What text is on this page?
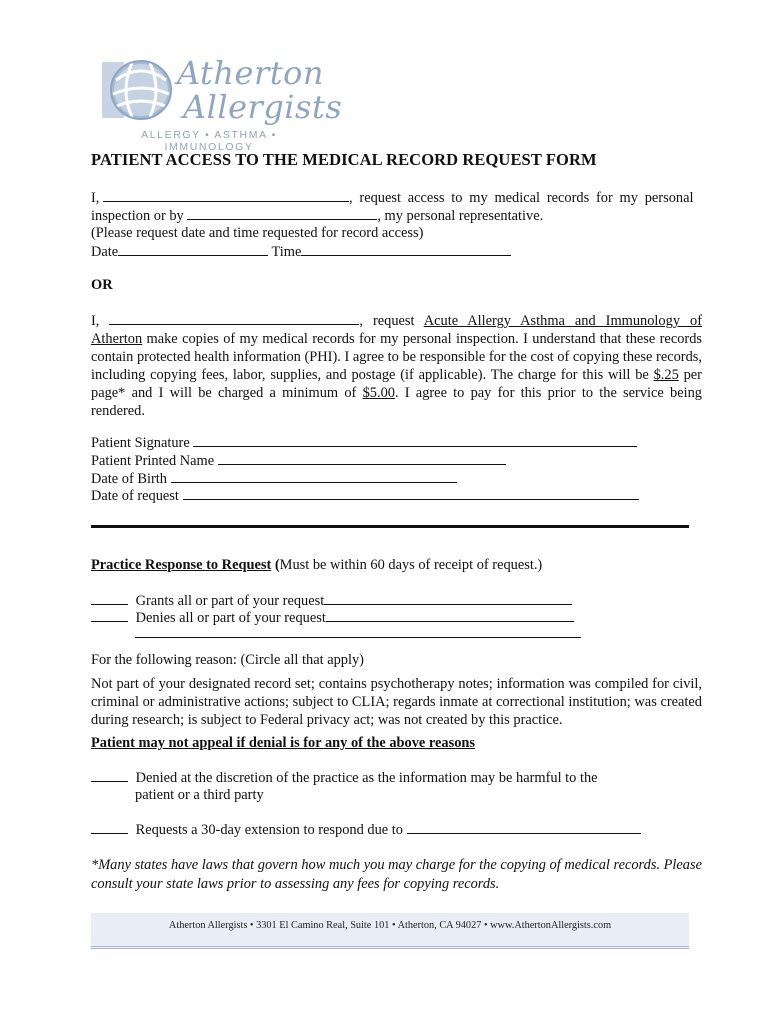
Atherton
Allergists
ALLERGY • ASTHMA • IMMUNOLOGY
PATIENT ACCESS TO THE MEDICAL RECORD REQUEST FORM
I,	, request access to my medical records for my personal
inspection or by	, my personal representative.
(Please request date and time requested for record access)
Date	Time
OR
I,	, request Acute Allergy Asthma and Immunology of Atherton make copies of my medical records for my personal inspection. I understand that these records contain protected health information (PHI). I agree to be responsible for the cost of copying these records, including copying fees, labor, supplies, and postage (if applicable). The charge for this will be $.25 per page* and I will be charged a minimum of $5.00. I agree to pay for this prior to the service being rendered.
Patient Signature
Patient Printed Name
Date of Birth
Date of request
Practice Response to Request (Must be within 60 days of receipt of request.)
Grants all or part of your request
Denies all or part of your request
For the following reason: (Circle all that apply)
Not part of your designated record set; contains psychotherapy notes; information was compiled for civil, criminal or administrative actions; subject to CLIA; regards inmate at correctional institution; was created during research; is subject to Federal privacy act; was not created by this practice.
Patient may not appeal if denial is for any of the above reasons
Denied at the discretion of the practice as the information may be harmful to the
patient or a third party
Requests a 30-day extension to respond due to
*Many states have laws that govern how much you may charge for the copying of medical records. Please consult your state laws prior to assessing any fees for copying records.
Atherton Allergists • 3301 El Camino Real, Suite 101 • Atherton, CA 94027 • www.AthertonAllergists.com
